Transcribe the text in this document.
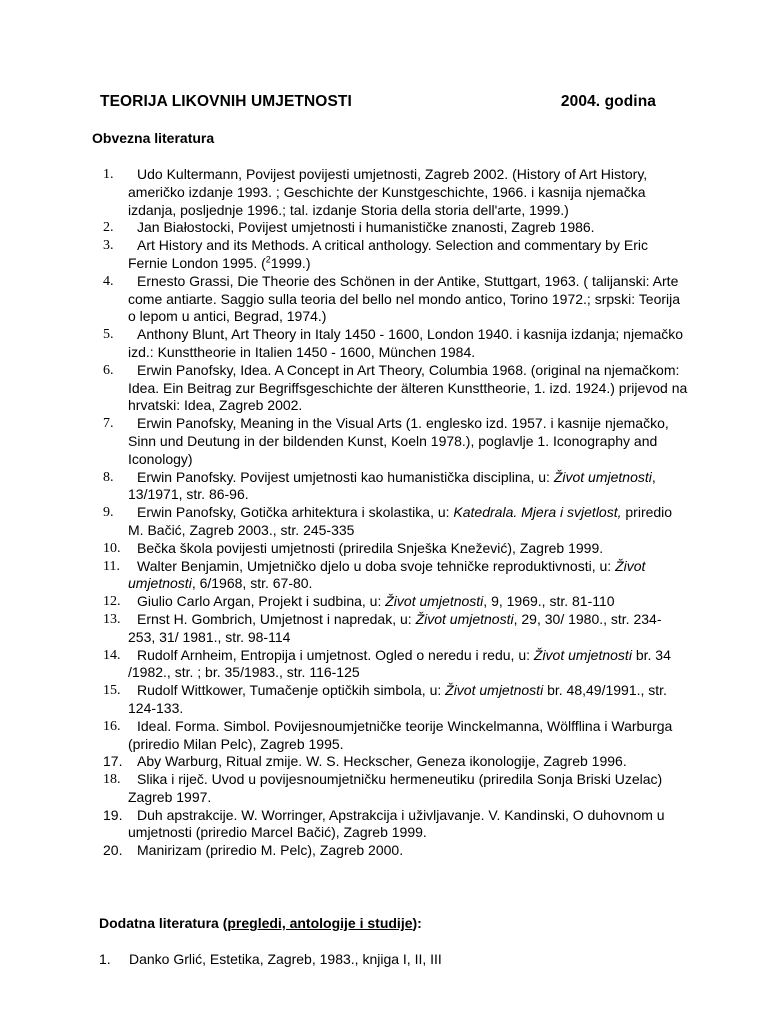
TEORIJA LIKOVNIH UMJETNOSTI	2004. godina
Obvezna literatura
1.	Udo Kultermann, Povijest povijesti umjetnosti, Zagreb 2002. (History of Art History, američko izdanje 1993. ; Geschichte der Kunstgeschichte, 1966. i kasnija njemačka izdanja, posljednje 1996.; tal. izdanje Storia della storia dell'arte, 1999.)
2.	Jan Białostocki, Povijest umjetnosti i humanističke znanosti, Zagreb 1986.
3.	Art History and its Methods. A critical anthology. Selection and commentary by Eric Fernie London 1995. ($^2$1999.)
4.	Ernesto Grassi, Die Theorie des Schönen in der Antike, Stuttgart, 1963. ( talijanski: Arte come antiarte. Saggio sulla teoria del bello nel mondo antico, Torino 1972.; srpski: Teorija o lepom u antici, Begrad, 1974.)
5.	Anthony Blunt, Art Theory in Italy 1450 - 1600, London 1940. i kasnija izdanja; njemačko izd.: Kunsttheorie in Italien 1450 - 1600, München 1984.
6.	Erwin Panofsky, Idea. A Concept in Art Theory, Columbia 1968. (original na njemačkom: Idea. Ein Beitrag zur Begriffsgeschichte der älteren Kunsttheorie, 1. izd. 1924.) prijevod na hrvatski: Idea, Zagreb 2002.
7.	Erwin Panofsky, Meaning in the Visual Arts (1. englesko izd. 1957. i kasnije njemačko, Sinn und Deutung in der bildenden Kunst, Koeln 1978.), poglavlje 1. Iconography and Iconology)
8.	Erwin Panofsky. Povijest umjetnosti kao humanistička disciplina, u: Život umjetnosti, 13/1971, str. 86-96.
9.	Erwin Panofsky, Gotička arhitektura i skolastika, u: Katedrala. Mjera i svjetlost, priredio M. Bačić, Zagreb 2003., str. 245-335
10.	Bečka škola povijesti umjetnosti (priredila Snješka Knežević), Zagreb 1999.
11.	Walter Benjamin, Umjetničko djelo u doba svoje tehničke reproduktivnosti, u: Život umjetnosti, 6/1968, str. 67-80.
12.	Giulio Carlo Argan, Projekt i sudbina, u: Život umjetnosti, 9, 1969., str. 81-110
13.	Ernst H. Gombrich, Umjetnost i napredak, u: Život umjetnosti, 29, 30/ 1980., str. 234-253, 31/ 1981., str. 98-114
14.	Rudolf Arnheim, Entropija i umjetnost. Ogled o neredu i redu, u: Život umjetnosti br. 34 /1982., str. ; br. 35/1983., str. 116-125
15.	Rudolf Wittkower, Tumačenje optičkih simbola, u: Život umjetnosti br. 48,49/1991., str. 124-133.
16.	Ideal. Forma. Simbol. Povijesnoumjetničke teorije Winckelmanna, Wölfflina i Warburga (priredio Milan Pelc), Zagreb 1995.
17.	Aby Warburg, Ritual zmije. W. S. Heckscher, Geneza ikonologije, Zagreb 1996.
18.	Slika i riječ. Uvod u povijesnoumjetničku hermeneutiku (priredila Sonja Briski Uzelac) Zagreb 1997.
19.	Duh apstrakcije. W. Worringer, Apstrakcija i uživljavanje. V. Kandinski, O duhovnom u umjetnosti (priredio Marcel Bačić), Zagreb 1999.
20.	Manirizam (priredio M. Pelc), Zagreb 2000.
Dodatna literatura (pregledi, antologije i studije):
1. Danko Grlić, Estetika, Zagreb, 1983., knjiga I, II, III
